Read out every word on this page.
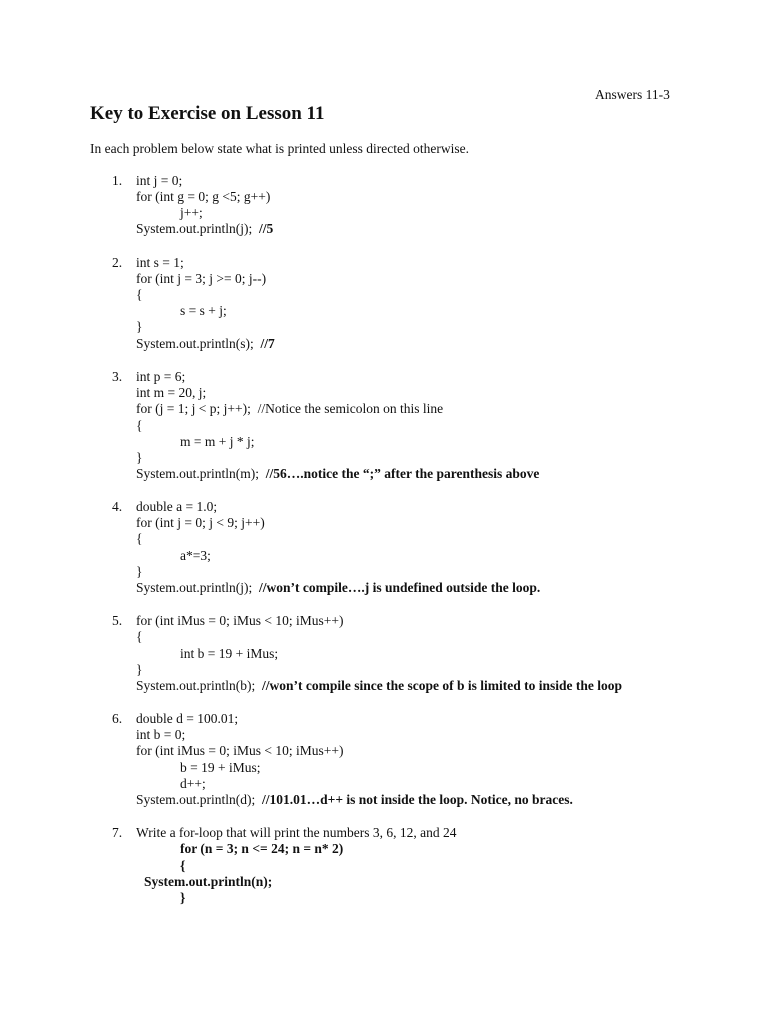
Answers 11-3
Key to Exercise on Lesson 11
In each problem below state what is printed unless directed otherwise.
1. int j = 0;
for (int g = 0; g <5; g++)
j++;
System.out.println(j);  //5
2. int s = 1;
for (int j = 3; j >= 0; j--)
{
s = s + j;
}
System.out.println(s);  //7
3. int p = 6;
int m = 20, j;
for (j = 1; j < p; j++);  //Notice the semicolon on this line
{
m = m + j * j;
}
System.out.println(m);  //56….notice the “;” after the parenthesis above
4. double a = 1.0;
for (int j = 0; j < 9; j++)
{
a*=3;
}
System.out.println(j);  //won’t compile….j is undefined outside the loop.
5. for (int iMus = 0; iMus < 10; iMus++)
{
int b = 19 + iMus;
}
System.out.println(b);  //won’t compile since the scope of b is limited to inside the loop
6. double d = 100.01;
int b = 0;
for (int iMus = 0; iMus < 10; iMus++)
b = 19 + iMus;
d++;
System.out.println(d);  //101.01…d++ is not inside the loop. Notice, no braces.
7. Write a for-loop that will print the numbers 3, 6, 12, and 24
for (n = 3; n <= 24; n = n* 2)
{
System.out.println(n);
}
